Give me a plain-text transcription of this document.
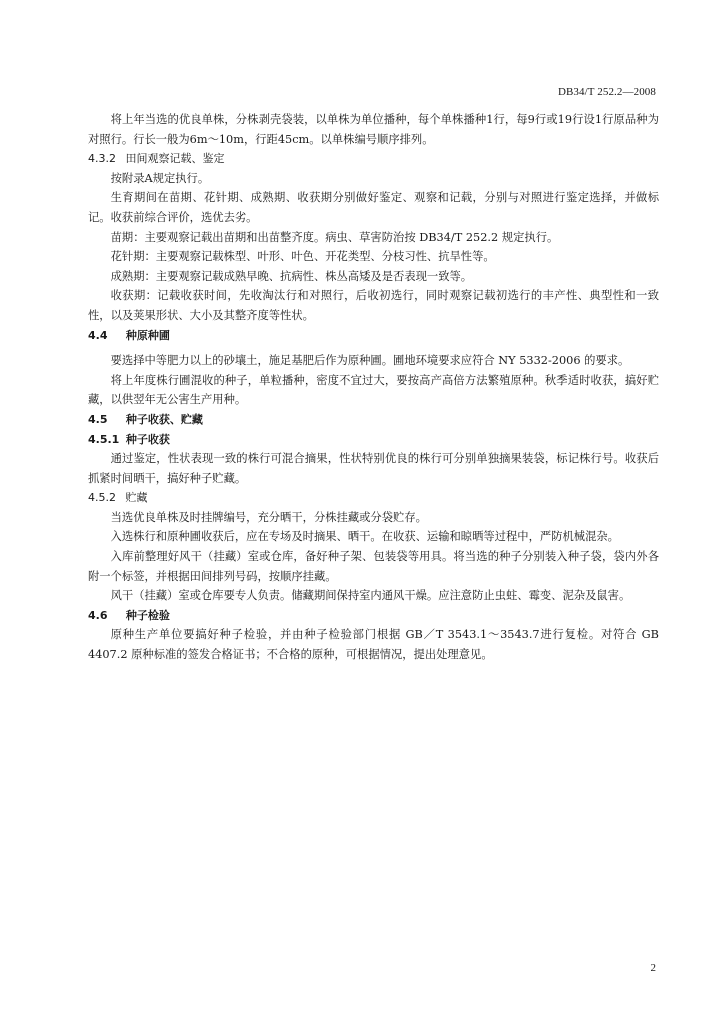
DB34/T 252.2—2008

将上年当选的优良单株，分株剥壳袋装，以单株为单位播种，每个单株播种1行，每9行或19行设1行原品种为对照行。行长一般为6m～10m，行距45cm。以单株编号顺序排列。

4.3.2 田间观察记载、鉴定

按附录A规定执行。

生育期间在苗期、花针期、成熟期、收获期分别做好鉴定、观察和记载，分别与对照进行鉴定选择，并做标记。收获前综合评价，选优去劣。

苗期：主要观察记载出苗期和出苗整齐度。病虫、草害防治按 DB34/T 252.2 规定执行。

花针期：主要观察记载株型、叶形、叶色、开花类型、分枝习性、抗旱性等。

成熟期：主要观察记载成熟早晚、抗病性、株丛高矮及是否表现一致等。

收获期：记载收获时间，先收淘汰行和对照行，后收初选行，同时观察记载初选行的丰产性、典型性和一致性，以及荚果形状、大小及其整齐度等性状。

4.4 种原种圃

要选择中等肥力以上的砂壤土，施足基肥后作为原种圃。圃地环境要求应符合 NY 5332-2006 的要求。

将上年度株行圃混收的种子，单粒播种，密度不宜过大，要按高产高倍方法繁殖原种。秋季适时收获，搞好贮藏，以供翌年无公害生产用种。

4.5 种子收获、贮藏
4.5.1 种子收获

通过鉴定，性状表现一致的株行可混合摘果，性状特别优良的株行可分别单独摘果装袋，标记株行号。收获后抓紧时间晒干，搞好种子贮藏。

4.5.2 贮藏

当选优良单株及时挂牌编号，充分晒干，分株挂藏或分袋贮存。

入选株行和原种圃收获后，应在专场及时摘果、晒干。在收获、运输和晾晒等过程中，严防机械混杂。

入库前整理好风干（挂藏）室或仓库，备好种子架、包装袋等用具。将当选的种子分别装入种子袋，袋内外各附一个标签，并根据田间排列号码，按顺序挂藏。

风干（挂藏）室或仓库要专人负责。储藏期间保持室内通风干燥。应注意防止虫蛀、霉变、泥杂及鼠害。

4.6 种子检验

原种生产单位要搞好种子检验，并由种子检验部门根据 GB／T 3543.1～3543.7进行复检。对符合 GB 4407.2 原种标准的签发合格证书；不合格的原种，可根据情况，提出处理意见。

2
